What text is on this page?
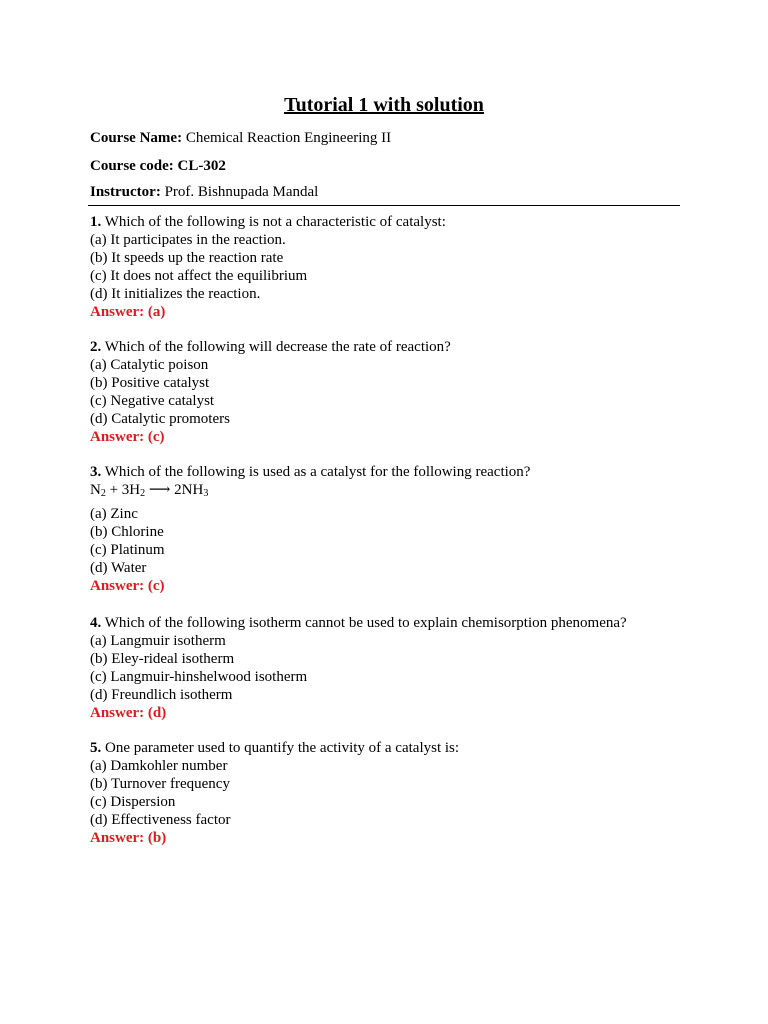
Tutorial 1 with solution
Course Name: Chemical Reaction Engineering II
Course code: CL-302
Instructor: Prof. Bishnupada Mandal
1. Which of the following is not a characteristic of catalyst:
(a) It participates in the reaction.
(b) It speeds up the reaction rate
(c) It does not affect the equilibrium
(d) It initializes the reaction.
Answer: (a)
2. Which of the following will decrease the rate of reaction?
(a) Catalytic poison
(b) Positive catalyst
(c) Negative catalyst
(d) Catalytic promoters
Answer: (c)
3. Which of the following is used as a catalyst for the following reaction?
$N_2 + 3H_2$ ⟶ $2NH_3$
(a) Zinc
(b) Chlorine
(c) Platinum
(d) Water
Answer: (c)
4. Which of the following isotherm cannot be used to explain chemisorption phenomena?
(a) Langmuir isotherm
(b) Eley-rideal isotherm
(c) Langmuir-hinshelwood isotherm
(d) Freundlich isotherm
Answer: (d)
5. One parameter used to quantify the activity of a catalyst is:
(a) Damkohler number
(b) Turnover frequency
(c) Dispersion
(d) Effectiveness factor
Answer: (b)
